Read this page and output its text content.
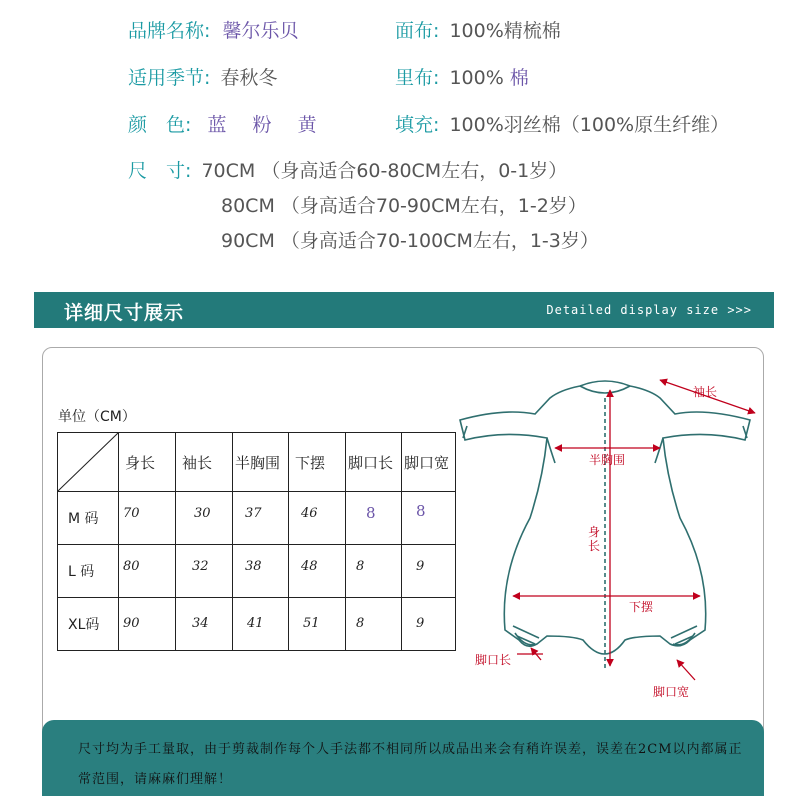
品牌名称: 馨尔乐贝	面布: 100%精梳棉
适用季节: 春秋冬	里布: 100% 棉
颜　色: 蓝 粉 黄	填充: 100%羽丝棉（100%原生纤维）
尺　寸: 70CM （身高适合60-80CM左右，0-1岁）
80CM （身高适合70-90CM左右，1-2岁）
90CM （身高适合70-100CM左右，1-3岁）
详细尺寸展示	Detailed display size >>>
单位（CM）
	身长	袖长	半胸围	下摆	脚口长	脚口宽
M 码	70	30	37	46	8	8
L 码	80	32	38	48	8	9
XL码	90	34	41	51	8	9
袖长
半胸围
身
长
下摆
脚口长
脚口宽
尺寸均为手工量取，由于剪裁制作每个人手法都不相同所以成品出来会有稍许误差，误差在2CM以内都属正常范围，请麻麻们理解！
